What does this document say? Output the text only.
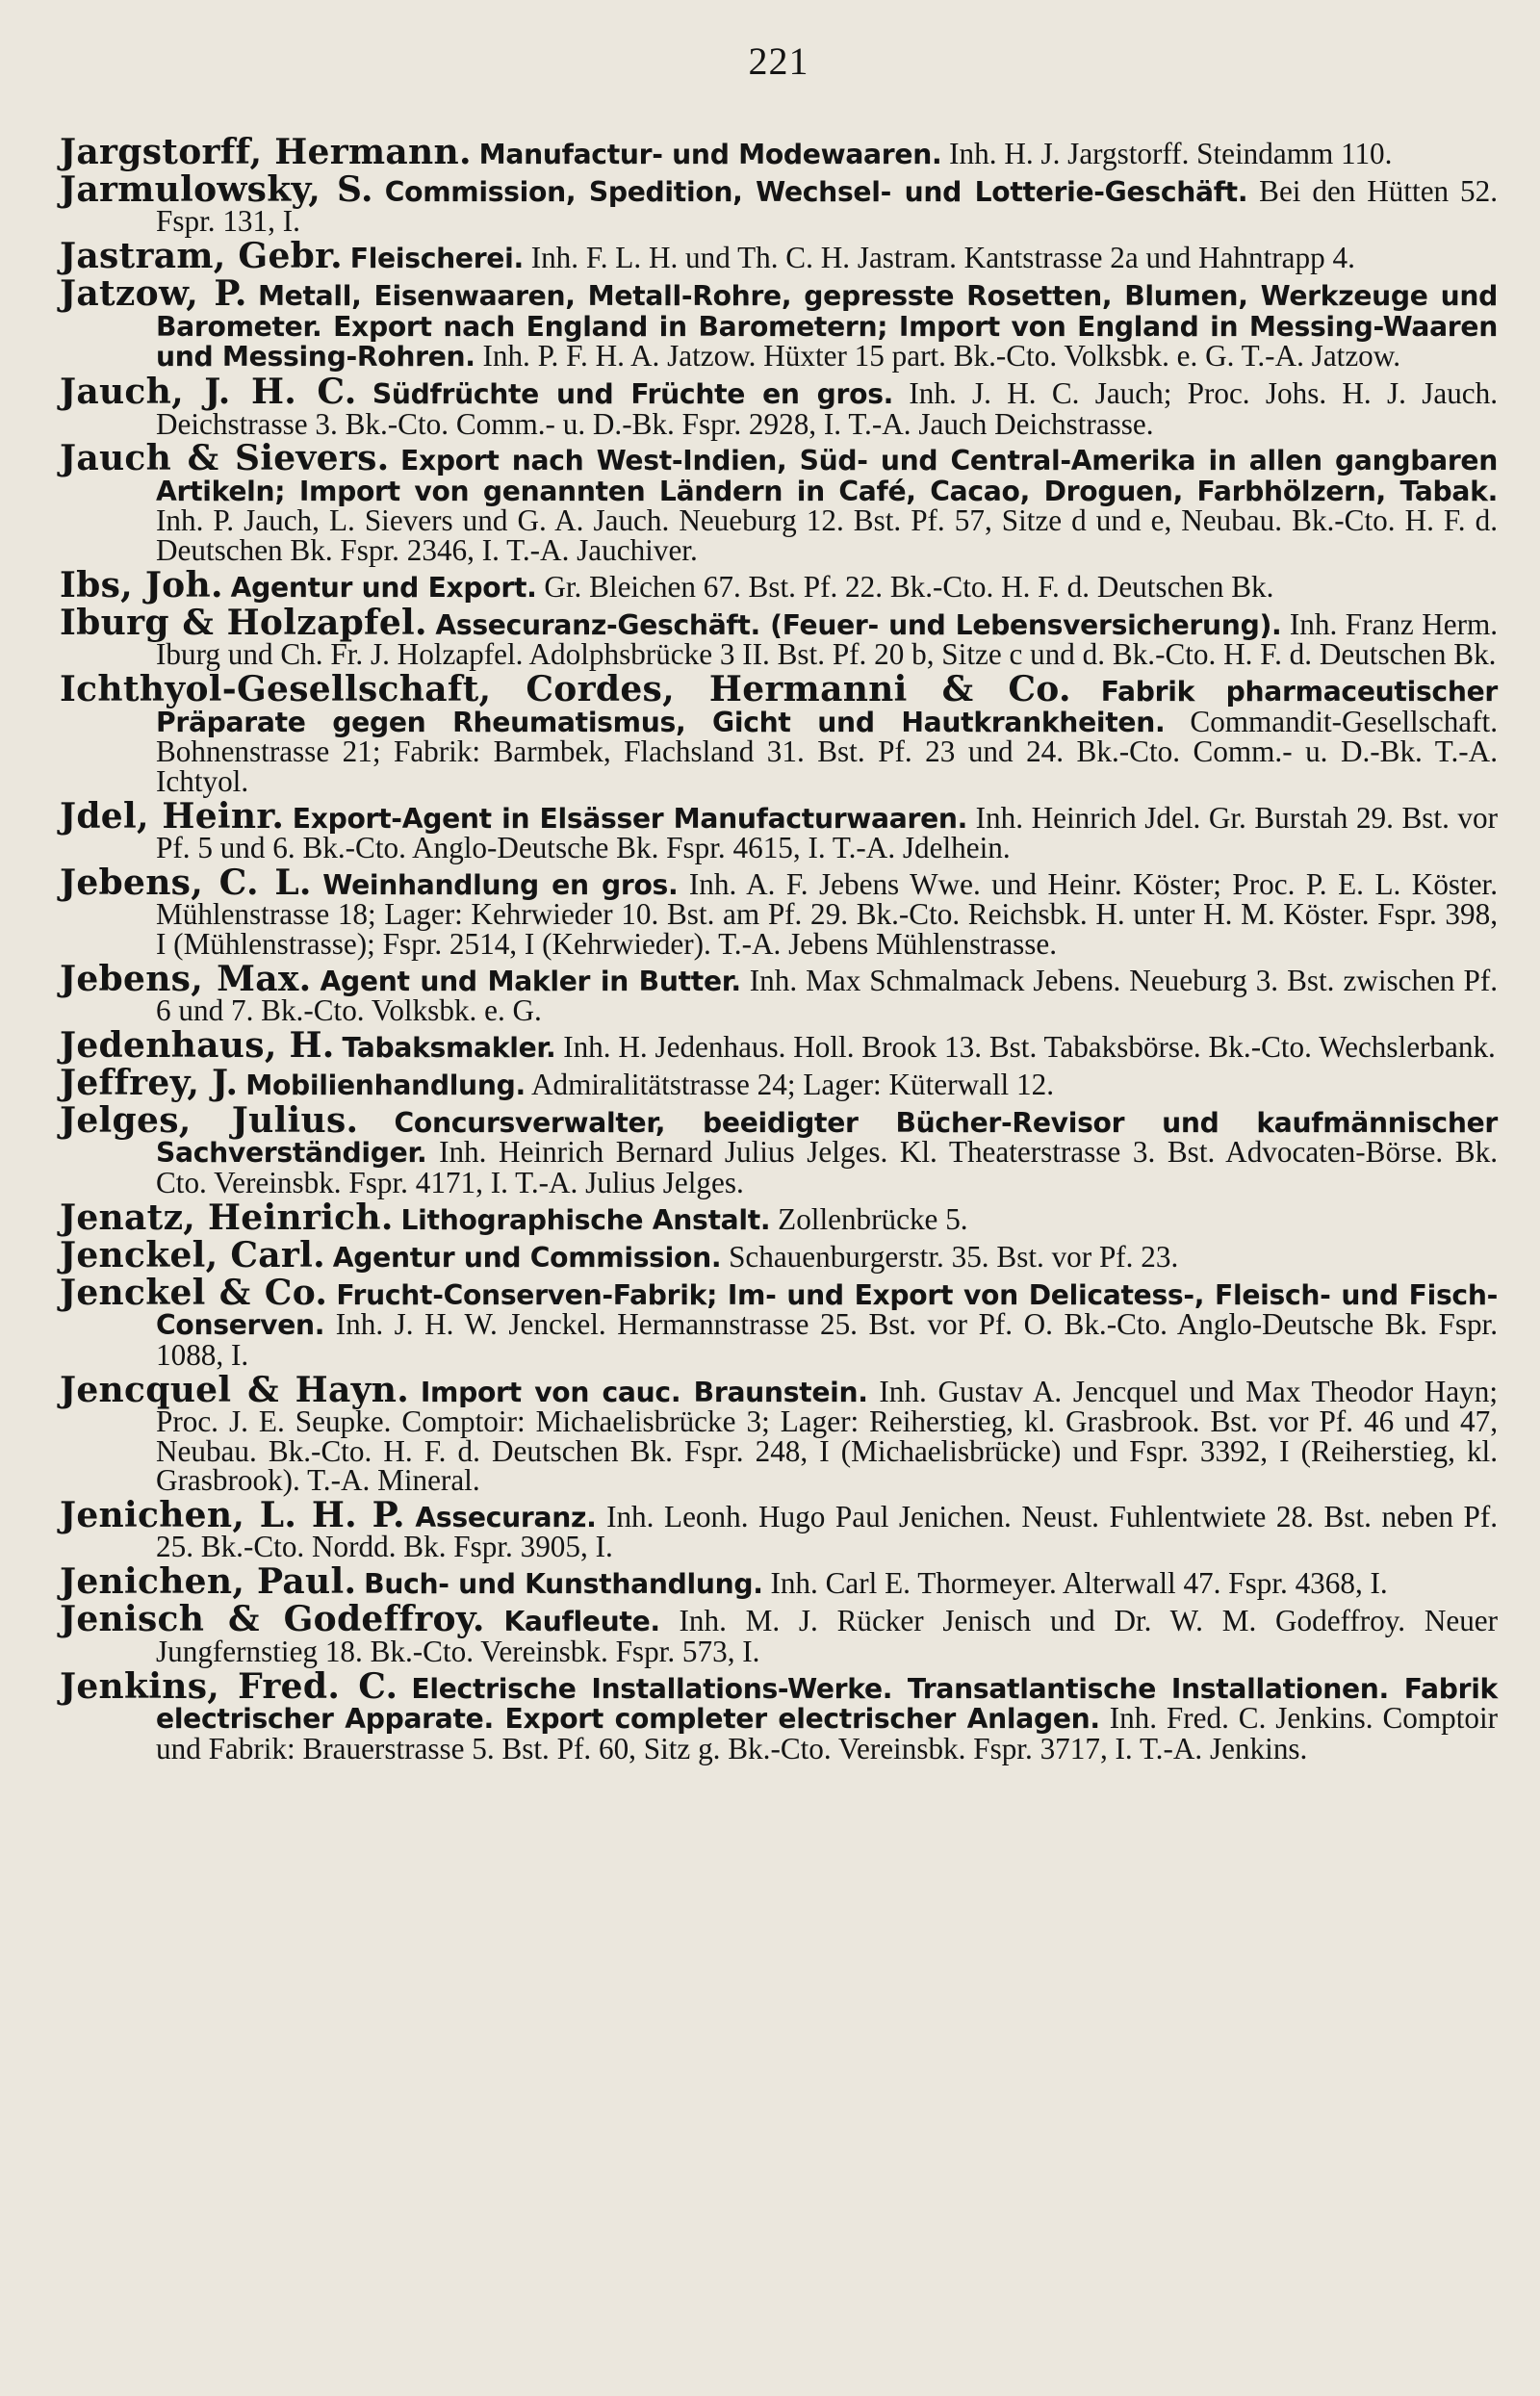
221

Jargstorff, Hermann. Manufactur- und Modewaaren. Inh. H. J. Jargstorff. Steindamm 110.

Jarmulowsky, S. Commission, Spedition, Wechsel- und Lotterie-Geschäft. Bei den Hütten 52. Fspr. 131, I.

Jastram, Gebr. Fleischerei. Inh. F. L. H. und Th. C. H. Jastram. Kantstrasse 2a und Hahntrapp 4.

Jatzow, P. Metall, Eisenwaaren, Metall-Rohre, gepresste Rosetten, Blumen, Werkzeuge und Barometer. Export nach England in Barometern; Import von England in Messing-Waaren und Messing-Rohren. Inh. P. F. H. A. Jatzow. Hüxter 15 part. Bk.-Cto. Volksbk. e. G. T.-A. Jatzow.

Jauch, J. H. C. Südfrüchte und Früchte en gros. Inh. J. H. C. Jauch; Proc. Johs. H. J. Jauch. Deichstrasse 3. Bk.-Cto. Comm.- u. D.-Bk. Fspr. 2928, I. T.-A. Jauch Deichstrasse.

Jauch & Sievers. Export nach West-Indien, Süd- und Central-Amerika in allen gangbaren Artikeln; Import von genannten Ländern in Café, Cacao, Droguen, Farbhölzern, Tabak. Inh. P. Jauch, L. Sievers und G. A. Jauch. Neueburg 12. Bst. Pf. 57, Sitze d und e, Neubau. Bk.-Cto. H. F. d. Deutschen Bk. Fspr. 2346, I. T.-A. Jauchiver.

Ibs, Joh. Agentur und Export. Gr. Bleichen 67. Bst. Pf. 22. Bk.-Cto. H. F. d. Deutschen Bk.

Iburg & Holzapfel. Assecuranz-Geschäft. (Feuer- und Lebensversicherung). Inh. Franz Herm. Iburg und Ch. Fr. J. Holzapfel. Adolphsbrücke 3 II. Bst. Pf. 20 b, Sitze c und d. Bk.-Cto. H. F. d. Deutschen Bk.

Ichthyol-Gesellschaft, Cordes, Hermanni & Co. Fabrik pharmaceutischer Präparate gegen Rheumatismus, Gicht und Hautkrankheiten. Commandit-Gesellschaft. Bohnenstrasse 21; Fabrik: Barmbek, Flachsland 31. Bst. Pf. 23 und 24. Bk.-Cto. Comm.- u. D.-Bk. T.-A. Ichtyol.

Jdel, Heinr. Export-Agent in Elsässer Manufacturwaaren. Inh. Heinrich Jdel. Gr. Burstah 29. Bst. vor Pf. 5 und 6. Bk.-Cto. Anglo-Deutsche Bk. Fspr. 4615, I. T.-A. Jdelhein.

Jebens, C. L. Weinhandlung en gros. Inh. A. F. Jebens Wwe. und Heinr. Köster; Proc. P. E. L. Köster. Mühlenstrasse 18; Lager: Kehrwieder 10. Bst. am Pf. 29. Bk.-Cto. Reichsbk. H. unter H. M. Köster. Fspr. 398, I (Mühlenstrasse); Fspr. 2514, I (Kehrwieder). T.-A. Jebens Mühlenstrasse.

Jebens, Max. Agent und Makler in Butter. Inh. Max Schmalmack Jebens. Neueburg 3. Bst. zwischen Pf. 6 und 7. Bk.-Cto. Volksbk. e. G.

Jedenhaus, H. Tabaksmakler. Inh. H. Jedenhaus. Holl. Brook 13. Bst. Tabaksbörse. Bk.-Cto. Wechslerbank.

Jeffrey, J. Mobilienhandlung. Admiralitätstrasse 24; Lager: Küterwall 12.

Jelges, Julius. Concursverwalter, beeidigter Bücher-Revisor und kaufmännischer Sachverständiger. Inh. Heinrich Bernard Julius Jelges. Kl. Theaterstrasse 3. Bst. Advocaten-Börse. Bk. Cto. Vereinsbk. Fspr. 4171, I. T.-A. Julius Jelges.

Jenatz, Heinrich. Lithographische Anstalt. Zollenbrücke 5.

Jenckel, Carl. Agentur und Commission. Schauenburgerstr. 35. Bst. vor Pf. 23.

Jenckel & Co. Frucht-Conserven-Fabrik; Im- und Export von Delicatess-, Fleisch- und Fisch-Conserven. Inh. J. H. W. Jenckel. Hermannstrasse 25. Bst. vor Pf. O. Bk.-Cto. Anglo-Deutsche Bk. Fspr. 1088, I.

Jencquel & Hayn. Import von cauc. Braunstein. Inh. Gustav A. Jencquel und Max Theodor Hayn; Proc. J. E. Seupke. Comptoir: Michaelisbrücke 3; Lager: Reiherstieg, kl. Grasbrook. Bst. vor Pf. 46 und 47, Neubau. Bk.-Cto. H. F. d. Deutschen Bk. Fspr. 248, I (Michaelisbrücke) und Fspr. 3392, I (Reiherstieg, kl. Grasbrook). T.-A. Mineral.

Jenichen, L. H. P. Assecuranz. Inh. Leonh. Hugo Paul Jenichen. Neust. Fuhlentwiete 28. Bst. neben Pf. 25. Bk.-Cto. Nordd. Bk. Fspr. 3905, I.

Jenichen, Paul. Buch- und Kunsthandlung. Inh. Carl E. Thormeyer. Alterwall 47. Fspr. 4368, I.

Jenisch & Godeffroy. Kaufleute. Inh. M. J. Rücker Jenisch und Dr. W. M. Godeffroy. Neuer Jungfernstieg 18. Bk.-Cto. Vereinsbk. Fspr. 573, I.

Jenkins, Fred. C. Electrische Installations-Werke. Transatlantische Installationen. Fabrik electrischer Apparate. Export completer electrischer Anlagen. Inh. Fred. C. Jenkins. Comptoir und Fabrik: Brauerstrasse 5. Bst. Pf. 60, Sitz g. Bk.-Cto. Vereinsbk. Fspr. 3717, I. T.-A. Jenkins.
